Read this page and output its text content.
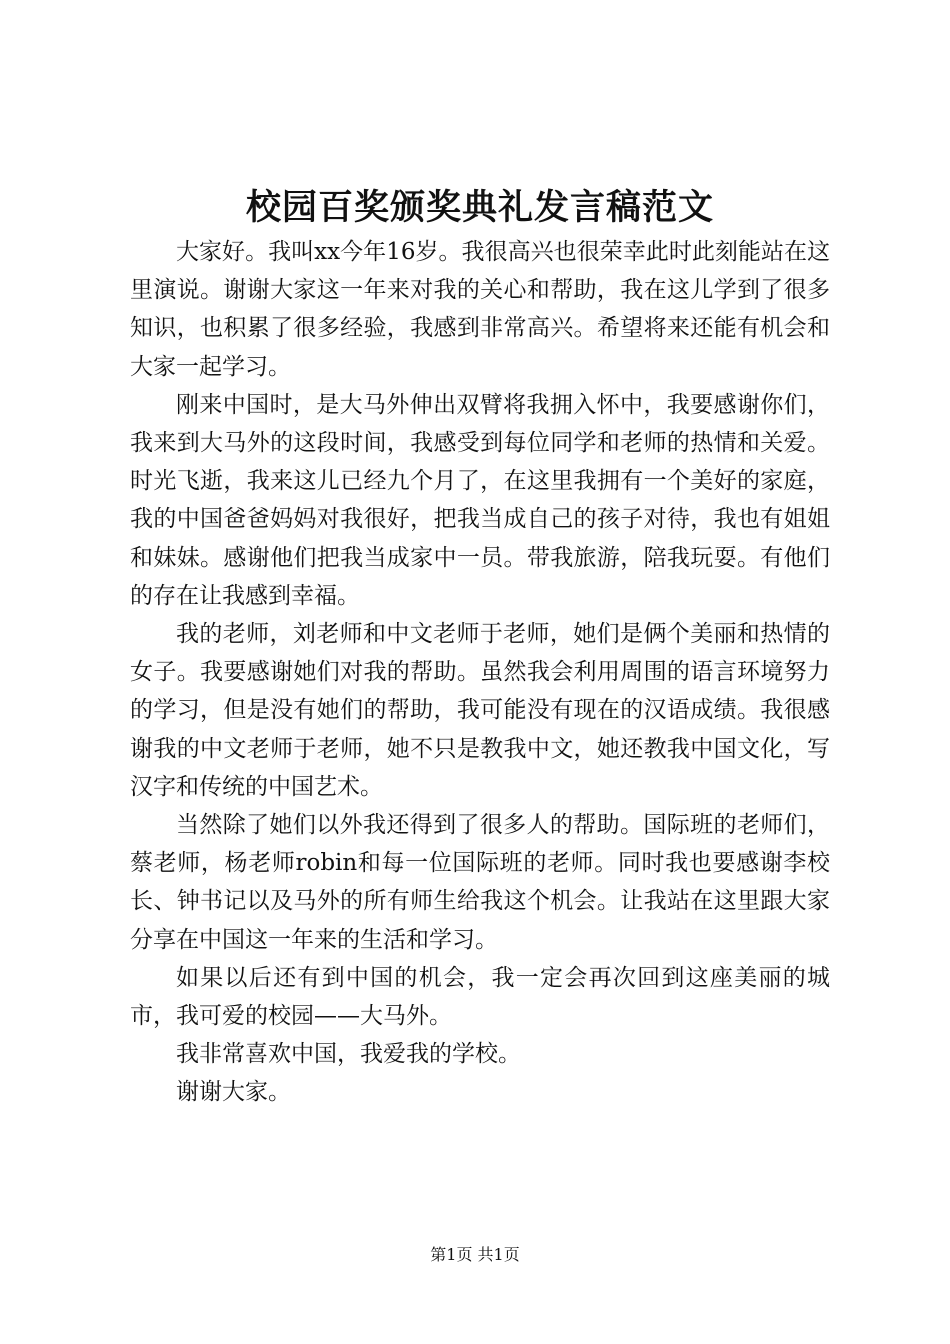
校园百奖颁奖典礼发言稿范文

大家好。我叫xx今年16岁。我很高兴也很荣幸此时此刻能站在这里演说。谢谢大家这一年来对我的关心和帮助，我在这儿学到了很多知识，也积累了很多经验，我感到非常高兴。希望将来还能有机会和大家一起学习。

刚来中国时，是大马外伸出双臂将我拥入怀中，我要感谢你们，我来到大马外的这段时间，我感受到每位同学和老师的热情和关爱。时光飞逝，我来这儿已经九个月了，在这里我拥有一个美好的家庭，我的中国爸爸妈妈对我很好，把我当成自己的孩子对待，我也有姐姐和妹妹。感谢他们把我当成家中一员。带我旅游，陪我玩耍。有他们的存在让我感到幸福。

我的老师，刘老师和中文老师于老师，她们是俩个美丽和热情的女子。我要感谢她们对我的帮助。虽然我会利用周围的语言环境努力的学习，但是没有她们的帮助，我可能没有现在的汉语成绩。我很感谢我的中文老师于老师，她不只是教我中文，她还教我中国文化，写汉字和传统的中国艺术。

当然除了她们以外我还得到了很多人的帮助。国际班的老师们，蔡老师，杨老师robin和每一位国际班的老师。同时我也要感谢李校长、钟书记以及马外的所有师生给我这个机会。让我站在这里跟大家分享在中国这一年来的生活和学习。

如果以后还有到中国的机会，我一定会再次回到这座美丽的城市，我可爱的校园——大马外。

我非常喜欢中国，我爱我的学校。

谢谢大家。

第1页 共1页
